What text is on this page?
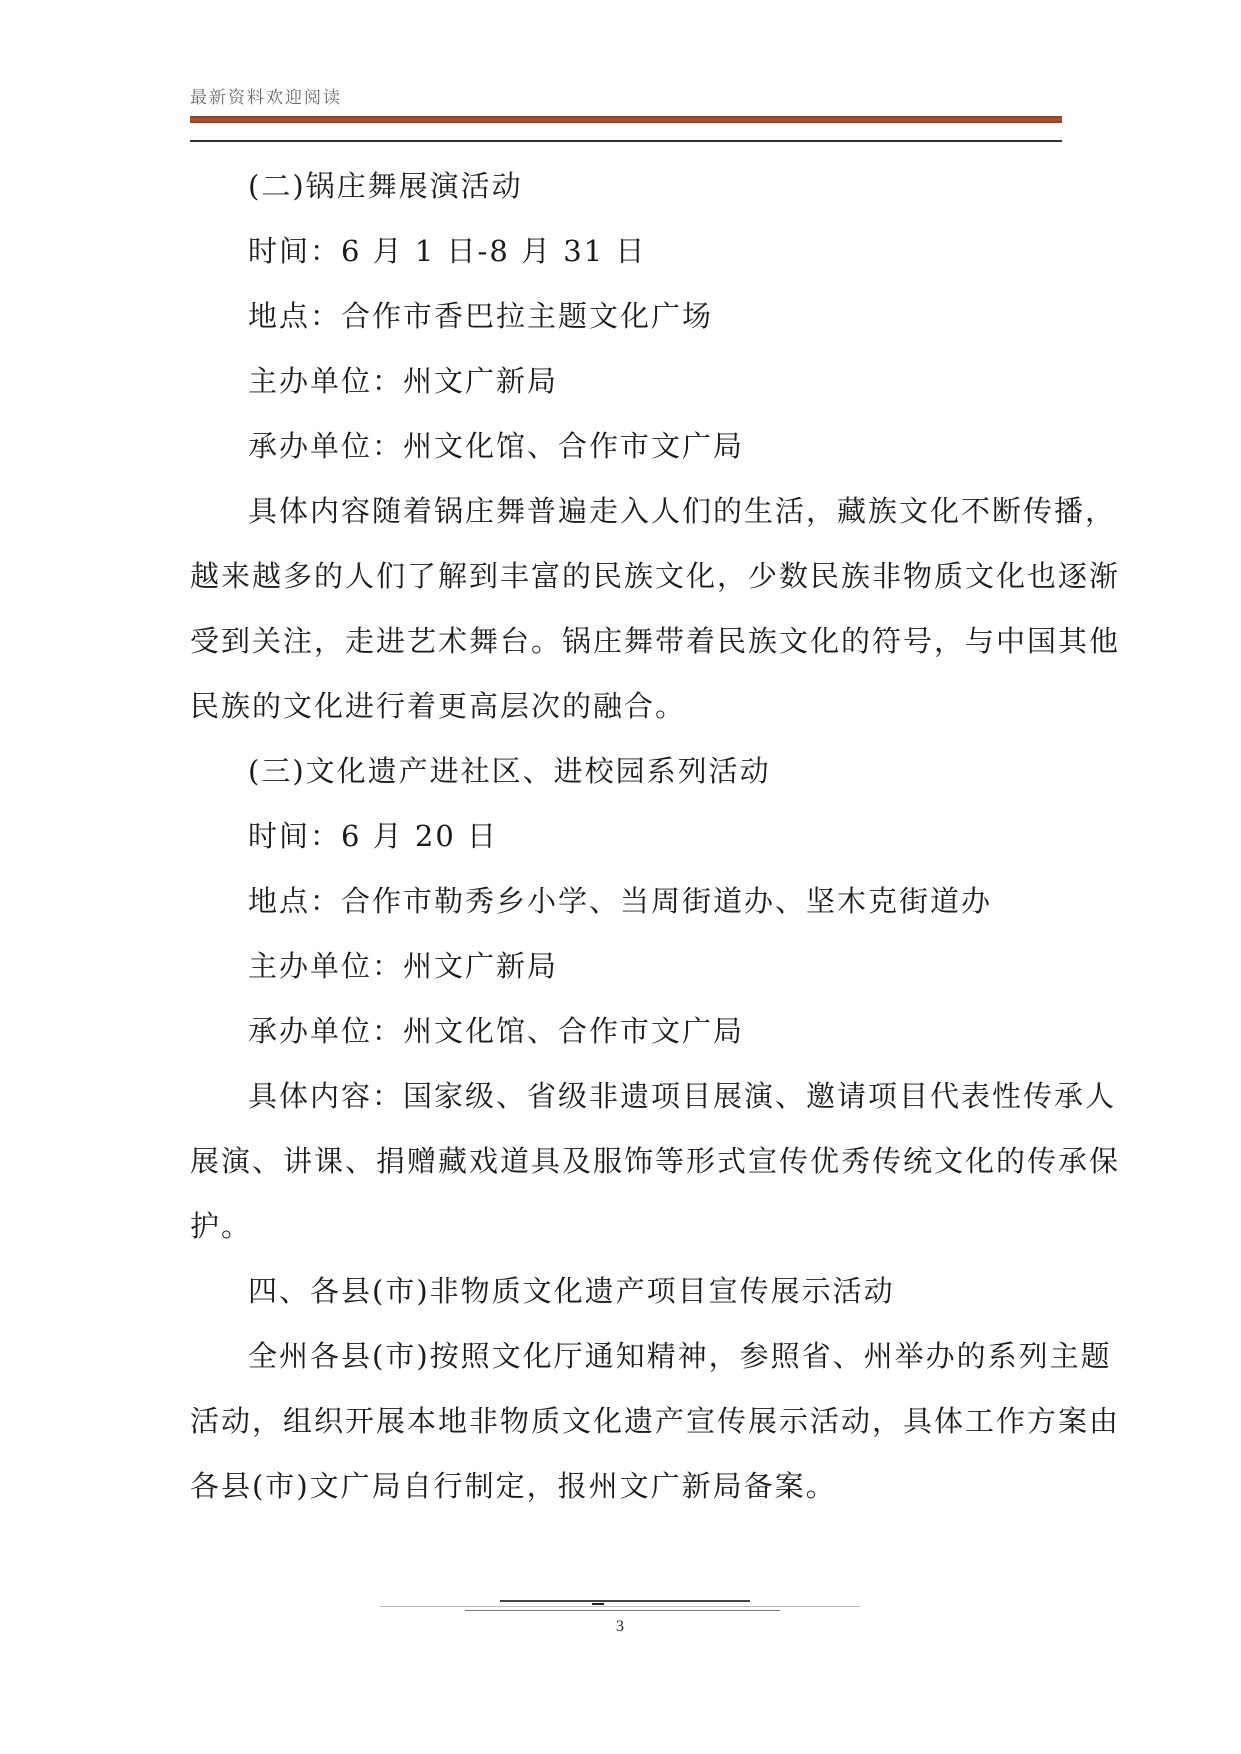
最新资料欢迎阅读
(二)锅庄舞展演活动
时间：6 月 1 日-8 月 31 日
地点：合作市香巴拉主题文化广场
主办单位：州文广新局
承办单位：州文化馆、合作市文广局
具体内容随着锅庄舞普遍走入人们的生活，藏族文化不断传播，
越来越多的人们了解到丰富的民族文化，少数民族非物质文化也逐渐
受到关注，走进艺术舞台。锅庄舞带着民族文化的符号，与中国其他
民族的文化进行着更高层次的融合。
(三)文化遗产进社区、进校园系列活动
时间：6 月 20 日
地点：合作市勒秀乡小学、当周街道办、坚木克街道办
主办单位：州文广新局
承办单位：州文化馆、合作市文广局
具体内容：国家级、省级非遗项目展演、邀请项目代表性传承人
展演、讲课、捐赠藏戏道具及服饰等形式宣传优秀传统文化的传承保
护。
四、各县(市)非物质文化遗产项目宣传展示活动
全州各县(市)按照文化厅通知精神，参照省、州举办的系列主题
活动，组织开展本地非物质文化遗产宣传展示活动，具体工作方案由
各县(市)文广局自行制定，报州文广新局备案。
3
